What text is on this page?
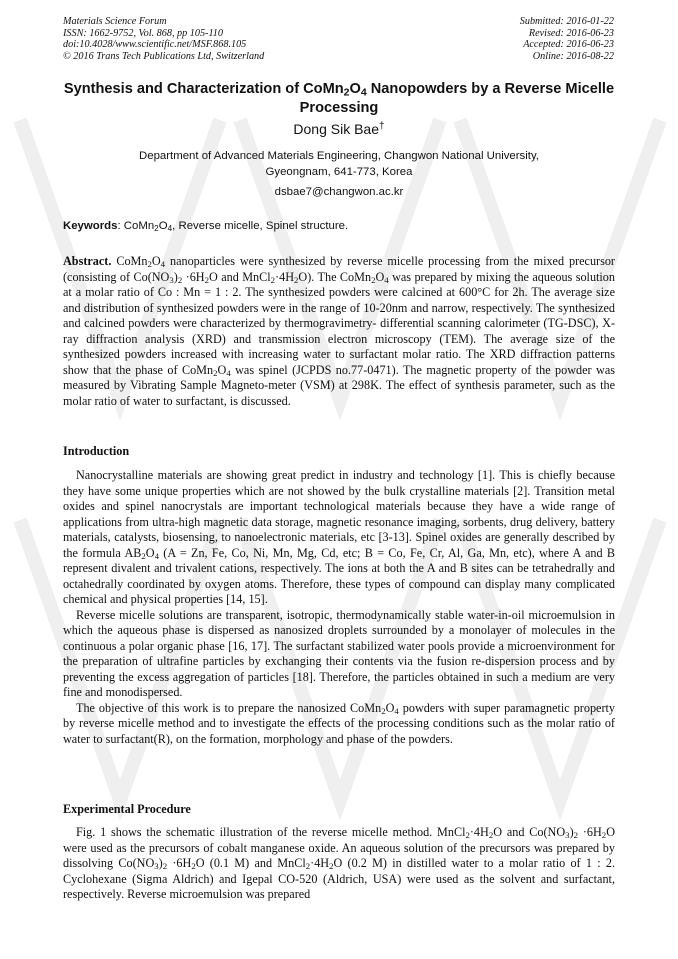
Materials Science Forum
ISSN: 1662-9752, Vol. 868, pp 105-110
doi:10.4028/www.scientific.net/MSF.868.105
© 2016 Trans Tech Publications Ltd, Switzerland
Submitted: 2016-01-22
Revised: 2016-06-23
Accepted: 2016-06-23
Online: 2016-08-22
Synthesis and Characterization of $CoMn_2O_4$ Nanopowders by a Reverse Micelle Processing
Dong Sik Bae†
Department of Advanced Materials Engineering, Changwon National University,
Gyeongnam, 641-773, Korea
dsbae7@changwon.ac.kr
Keywords: $CoMn_2O_4$, Reverse micelle, Spinel structure.
Abstract. $CoMn_2O_4$ nanoparticles were synthesized by reverse micelle processing from the mixed precursor (consisting of $Co(NO_3)_2 \cdot 6H_2O$ and $MnCl_2\cdot 4H_2O$). The $CoMn_2O_4$ was prepared by mixing the aqueous solution at a molar ratio of Co : Mn = 1 : 2. The synthesized powders were calcined at 600°C for 2h. The average size and distribution of synthesized powders were in the range of 10-20nm and narrow, respectively. The synthesized and calcined powders were characterized by thermogravimetry- differential scanning calorimeter (TG-DSC), X-ray diffraction analysis (XRD) and transmission electron microscopy (TEM). The average size of the synthesized powders increased with increasing water to surfactant molar ratio. The XRD diffraction patterns show that the phase of $CoMn_2O_4$ was spinel (JCPDS no.77-0471). The magnetic property of the powder was measured by Vibrating Sample Magneto-meter (VSM) at 298K. The effect of synthesis parameter, such as the molar ratio of water to surfactant, is discussed.
Introduction

Nanocrystalline materials are showing great predict in industry and technology [1]. This is chiefly because they have some unique properties which are not showed by the bulk crystalline materials [2]. Transition metal oxides and spinel nanocrystals are important technological materials because they have a wide range of applications from ultra-high magnetic data storage, magnetic resonance imaging, sorbents, drug delivery, battery materials, catalysts, biosensing, to nanoelectronic materials, etc [3-13]. Spinel oxides are generally described by the formula $AB_2O_4$ (A = Zn, Fe, Co, Ni, Mn, Mg, Cd, etc; B = Co, Fe, Cr, Al, Ga, Mn, etc), where A and B represent divalent and trivalent cations, respectively. The ions at both the A and B sites can be tetrahedrally and octahedrally coordinated by oxygen atoms. Therefore, these types of compound can display many complicated chemical and physical properties [14, 15].

Reverse micelle solutions are transparent, isotropic, thermodynamically stable water-in-oil microemulsion in which the aqueous phase is dispersed as nanosized droplets surrounded by a monolayer of molecules in the continuous a polar organic phase [16, 17]. The surfactant stabilized water pools provide a microenvironment for the preparation of ultrafine particles by exchanging their contents via the fusion re-dispersion process and by preventing the excess aggregation of particles [18]. Therefore, the particles obtained in such a medium are very fine and monodispersed.

The objective of this work is to prepare the nanosized $CoMn_2O_4$ powders with super paramagnetic property by reverse micelle method and to investigate the effects of the processing conditions such as the molar ratio of water to surfactant(R), on the formation, morphology and phase of the powders.

Experimental Procedure

Fig. 1 shows the schematic illustration of the reverse micelle method. $MnCl_2\cdot 4H_2O$ and $Co(NO_3)_2 \cdot 6H_2O$ were used as the precursors of cobalt manganese oxide. An aqueous solution of the precursors was prepared by dissolving $Co(NO_3)_2 \cdot 6H_2O$ (0.1 M) and $MnCl_2\cdot 4H_2O$ (0.2 M) in distilled water to a molar ratio of 1 : 2. Cyclohexane (Sigma Aldrich) and Igepal CO-520 (Aldrich, USA) were used as the solvent and surfactant, respectively. Reverse microemulsion was prepared
